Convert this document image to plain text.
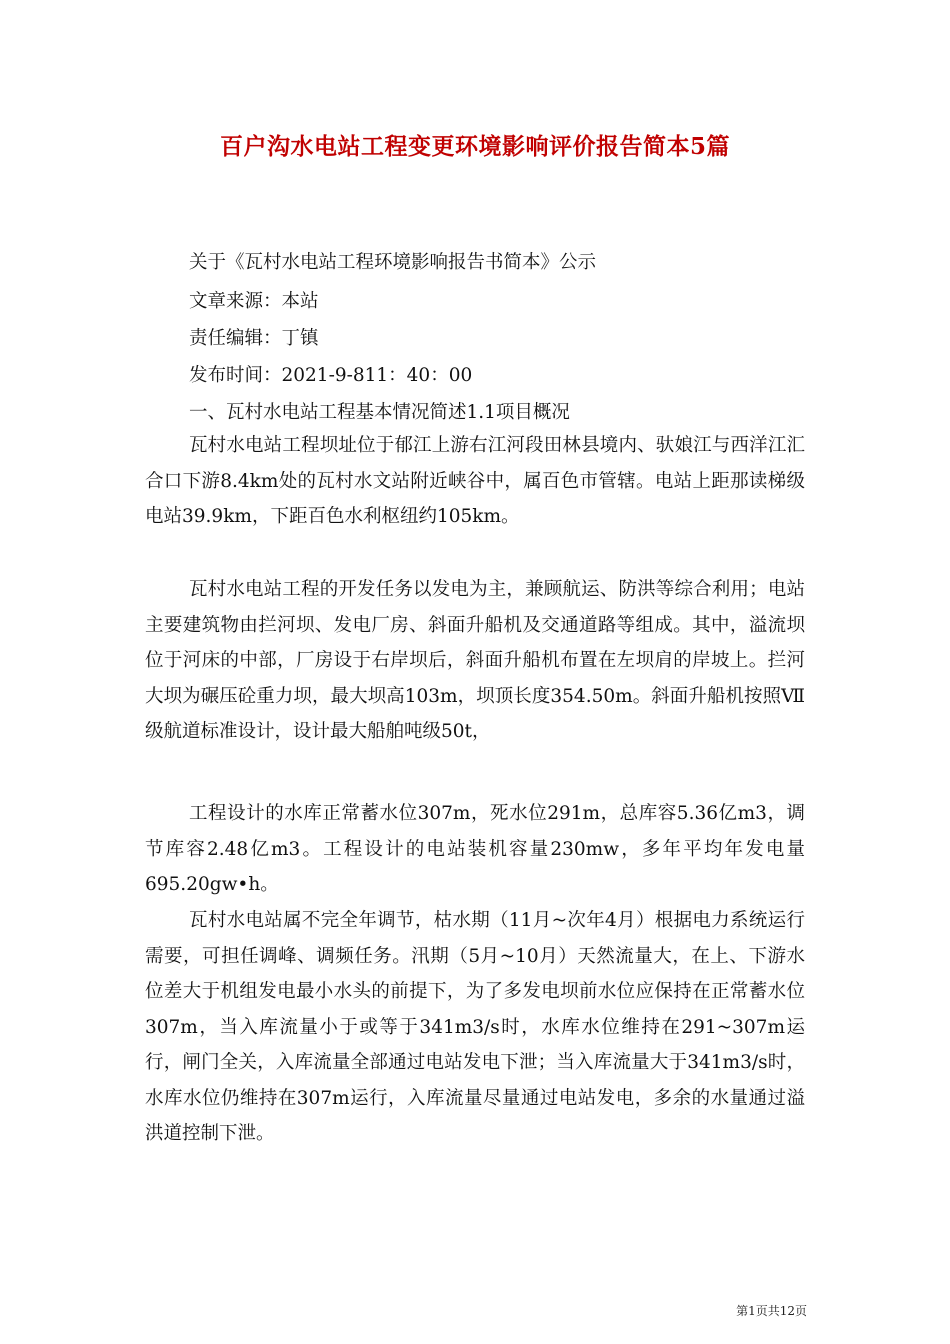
百户沟水电站工程变更环境影响评价报告简本5篇
关于《瓦村水电站工程环境影响报告书简本》公示
文章来源：本站
责任编辑：丁镇
发布时间：2021-9-811：40：00
一、瓦村水电站工程基本情况简述1.1项目概况

瓦村水电站工程坝址位于郁江上游右江河段田林县境内、驮娘江与西洋江汇合口下游8.4km处的瓦村水文站附近峡谷中，属百色市管辖。电站上距那读梯级电站39.9km，下距百色水利枢纽约105km。

瓦村水电站工程的开发任务以发电为主，兼顾航运、防洪等综合利用；电站主要建筑物由拦河坝、发电厂房、斜面升船机及交通道路等组成。其中，溢流坝位于河床的中部，厂房设于右岸坝后，斜面升船机布置在左坝肩的岸坡上。拦河大坝为碾压砼重力坝，最大坝高103m，坝顶长度354.50m。斜面升船机按照Ⅶ级航道标准设计，设计最大船舶吨级50t，

工程设计的水库正常蓄水位307m，死水位291m，总库容5.36亿m3，调节库容2.48亿m3。工程设计的电站装机容量230mw，多年平均年发电量695.20gw•h。

瓦村水电站属不完全年调节，枯水期（11月~次年4月）根据电力系统运行需要，可担任调峰、调频任务。汛期（5月~10月）天然流量大，在上、下游水位差大于机组发电最小水头的前提下，为了多发电坝前水位应保持在正常蓄水位307m，当入库流量小于或等于341m3/s时，水库水位维持在291~307m运行，闸门全关，入库流量全部通过电站发电下泄；当入库流量大于341m3/s时，水库水位仍维持在307m运行，入库流量尽量通过电站发电，多余的水量通过溢洪道控制下泄。

第1页共12页
